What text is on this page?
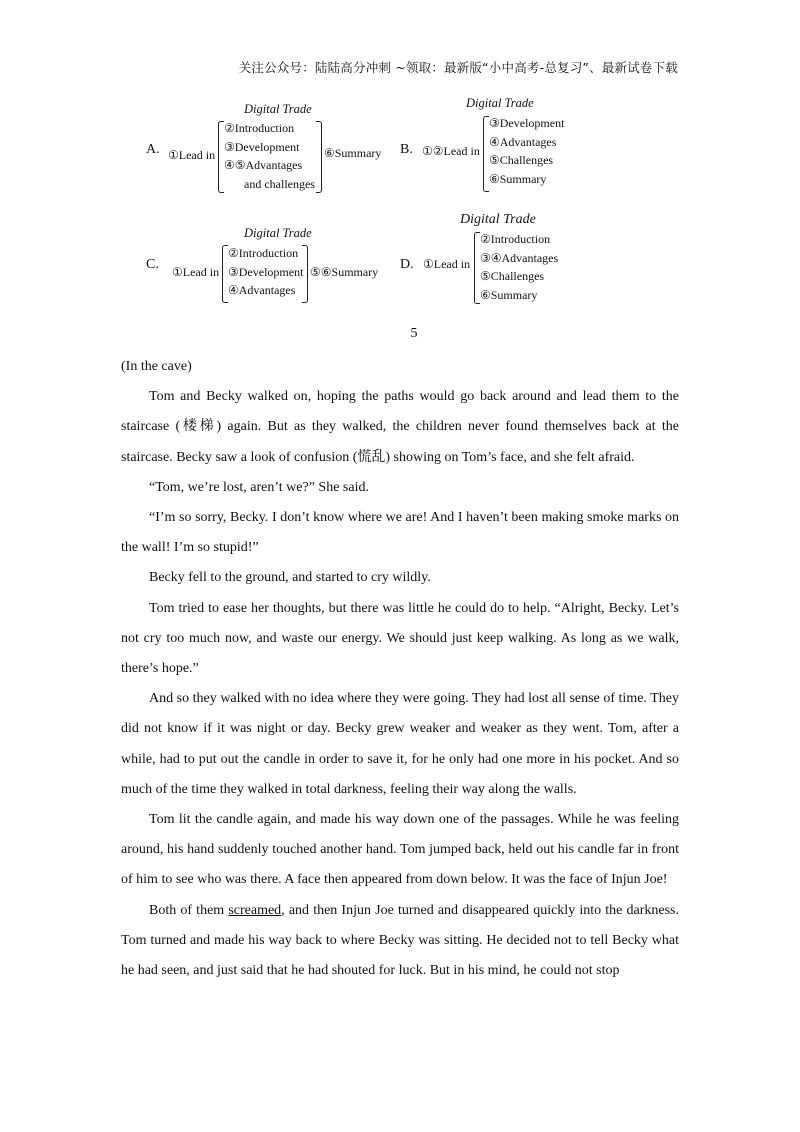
关注公众号：陆陆高分冲刺 ~领取：最新版“小中高考-总复习”、最新试卷下载
A.
Digital Trade
①Lead in
②Introduction
③Development
④⑤Advantages
and challenges
⑥Summary B.
Digital Trade
①②Lead in
③Development
④Advantages
⑤Challenges
⑥Summary
C.
Digital Trade
①Lead in
②Introduction
③Development
④Advantages
⑤⑥Summary D.
Digital Trade
①Lead in
②Introduction
③④Advantages
⑤Challenges
⑥Summary
5

(In the cave)

Tom and Becky walked on, hoping the paths would go back around and lead them to the staircase (楼梯) again. But as they walked, the children never found themselves back at the staircase. Becky saw a look of confusion (慌乱) showing on Tom’s face, and she felt afraid.

“Tom, we’re lost, aren’t we?” She said.

“I’m so sorry, Becky. I don’t know where we are! And I haven’t been making smoke marks on the wall! I’m so stupid!”

Becky fell to the ground, and started to cry wildly.

Tom tried to ease her thoughts, but there was little he could do to help. “Alright, Becky. Let’s not cry too much now, and waste our energy. We should just keep walking. As long as we walk, there’s hope.”

And so they walked with no idea where they were going. They had lost all sense of time. They did not know if it was night or day. Becky grew weaker and weaker as they went. Tom, after a while, had to put out the candle in order to save it, for he only had one more in his pocket. And so much of the time they walked in total darkness, feeling their way along the walls.

Tom lit the candle again, and made his way down one of the passages. While he was feeling around, his hand suddenly touched another hand. Tom jumped back, held out his candle far in front of him to see who was there. A face then appeared from down below. It was the face of Injun Joe!

Both of them screamed, and then Injun Joe turned and disappeared quickly into the darkness. Tom turned and made his way back to where Becky was sitting. He decided not to tell Becky what he had seen, and just said that he had shouted for luck. But in his mind, he could not stop
